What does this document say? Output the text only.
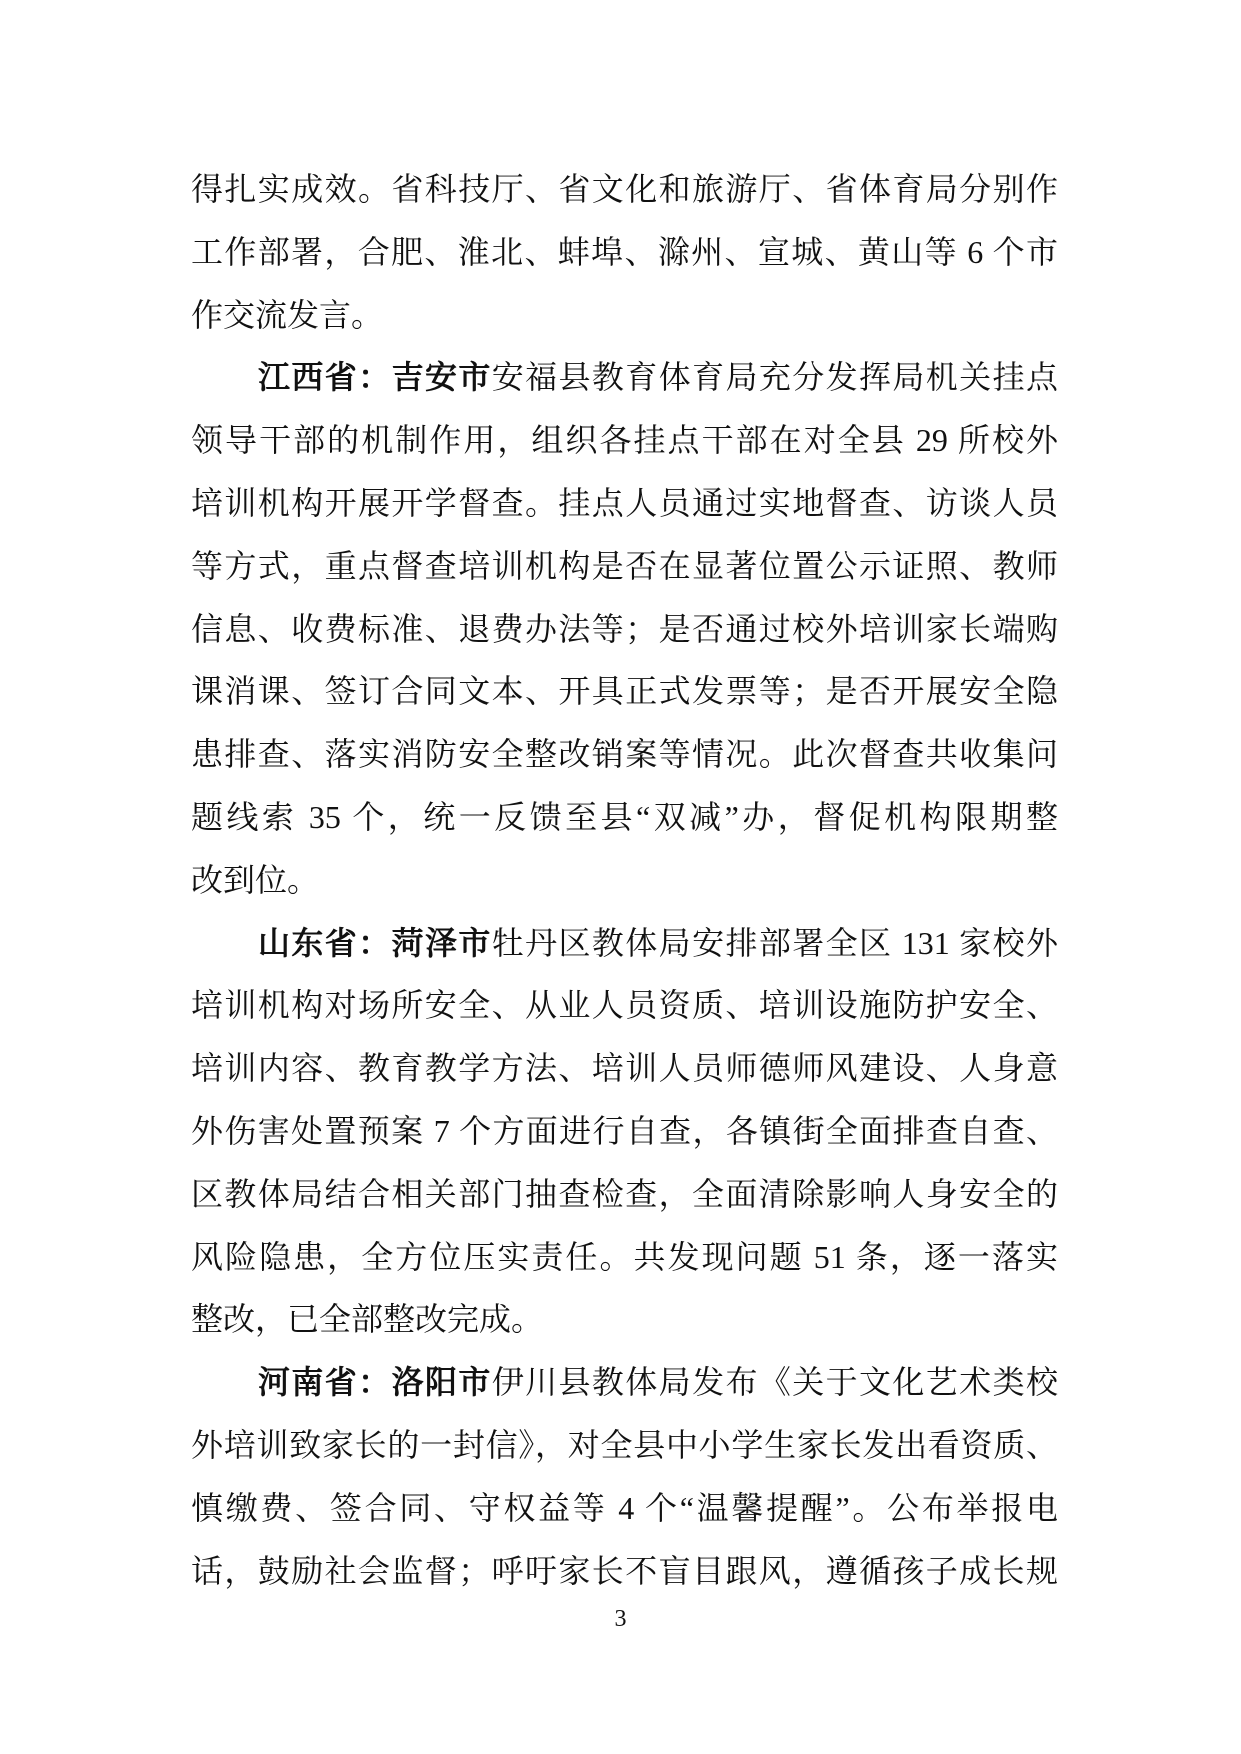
得扎实成效。省科技厅、省文化和旅游厅、省体育局分别作
工作部署，合肥、淮北、蚌埠、滁州、宣城、黄山等 6 个市
作交流发言。
江西省：吉安市安福县教育体育局充分发挥局机关挂点
领导干部的机制作用，组织各挂点干部在对全县 29 所校外
培训机构开展开学督查。挂点人员通过实地督查、访谈人员
等方式，重点督查培训机构是否在显著位置公示证照、教师
信息、收费标准、退费办法等；是否通过校外培训家长端购
课消课、签订合同文本、开具正式发票等；是否开展安全隐
患排查、落实消防安全整改销案等情况。此次督查共收集问
题线索 35 个，统一反馈至县“双减”办，督促机构限期整
改到位。
山东省：菏泽市牡丹区教体局安排部署全区 131 家校外
培训机构对场所安全、从业人员资质、培训设施防护安全、
培训内容、教育教学方法、培训人员师德师风建设、人身意
外伤害处置预案 7 个方面进行自查，各镇街全面排查自查、
区教体局结合相关部门抽查检查，全面清除影响人身安全的
风险隐患，全方位压实责任。共发现问题 51 条，逐一落实
整改，已全部整改完成。
河南省：洛阳市伊川县教体局发布《关于文化艺术类校
外培训致家长的一封信》，对全县中小学生家长发出看资质、
慎缴费、签合同、守权益等 4 个“温馨提醒”。公布举报电
话，鼓励社会监督；呼吁家长不盲目跟风，遵循孩子成长规
3
